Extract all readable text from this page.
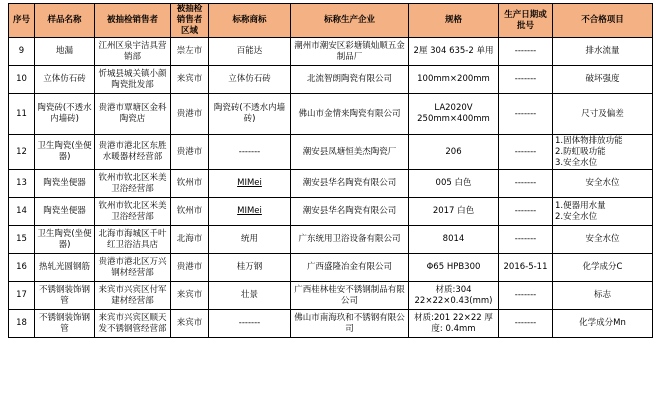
序号	样品名称	被抽检销售者	被抽检销售者区域	标称商标	标称生产企业	规格	生产日期或批号	不合格项目
9	地漏	江州区泉宇洁具营销部	崇左市	百能达	潮州市潮安区彩塘镇灿顺五金制品厂	2厘 304 635-2 单用	-------	排水流量
10	立体仿石砖	忻城县城关镇小颜陶瓷批发部	来宾市	立体仿石砖	北流智朗陶瓷有限公司	100mm×200mm	-------	破坏强度
11	陶瓷砖(不透水内墙砖)	贵港市覃塘区金科陶瓷店	贵港市	陶瓷砖(不透水内墙砖)	佛山市金情来陶瓷有限公司	LA2020V 250mm×400mm	-------	尺寸及偏差
12	卫生陶瓷(坐便器)	贵港市港北区东胜水暖器材经营部	贵港市	-------	潮安县凤塘恒美杰陶瓷厂	206	-------	1.固体物排放功能
2.防虹吸功能
3.安全水位
13	陶瓷坐便器	钦州市钦北区米美卫浴经营部	钦州市	MIMei	潮安县华名陶瓷有限公司	005 白色	-------	安全水位
14	陶瓷坐便器	钦州市钦北区米美卫浴经营部	钦州市	MIMei	潮安县华名陶瓷有限公司	2017 白色	-------	1.便器用水量
2.安全水位
15	卫生陶瓷(坐便器)	北海市海城区千叶红卫浴洁具店	北海市	统用	广东统用卫浴设备有限公司	8014	-------	安全水位
16	热轧光圆钢筋	贵港市港北区万兴钢材经营部	贵港市	桂万钢	广西盛隆冶金有限公司	Φ65 HPB300	2016-5-11	化学成分C
17	不锈钢装饰钢管	来宾市兴宾区付军建材经营部	来宾市	壮景	广西桂林桂安不锈钢制品有限公司	材质:304 22×22×0.43(mm)	-------	标志
18	不锈钢装饰钢管	来宾市兴宾区顺天发不锈钢管经营部	来宾市	-------	佛山市南海玖和不锈钢有限公司	材质:201 22×22 厚度: 0.4mm	-------	化学成分Mn
